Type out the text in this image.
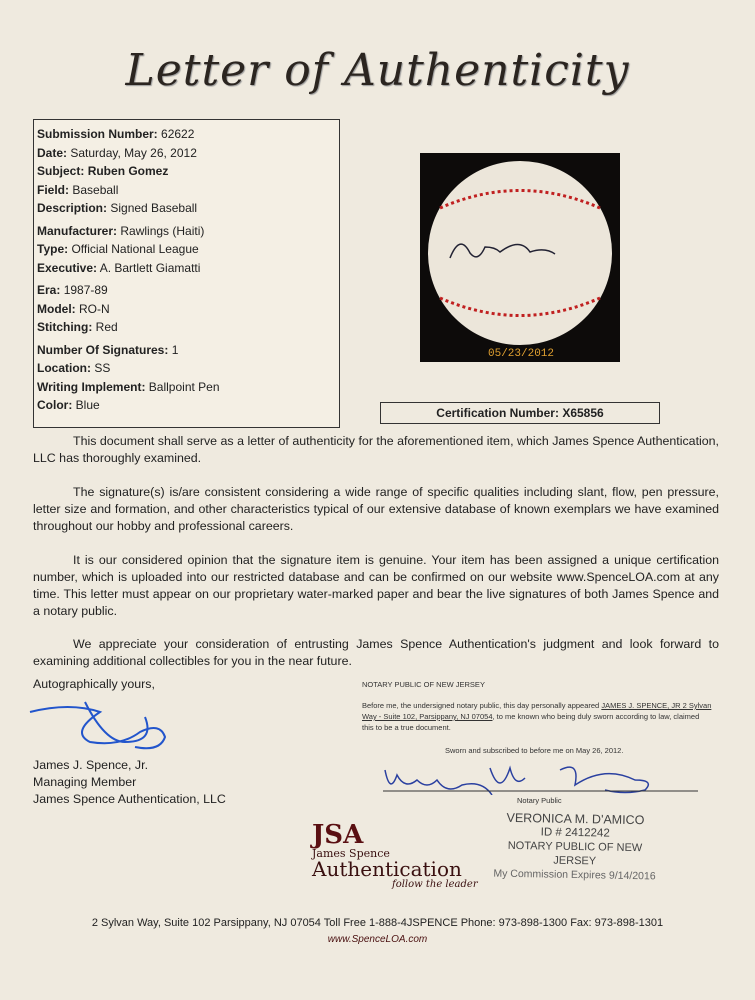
Letter of Authenticity
Submission Number: 62622
Date: Saturday, May 26, 2012
Subject: Ruben Gomez
Field: Baseball
Description: Signed Baseball
Manufacturer: Rawlings (Haiti)
Type: Official National League
Executive: A. Bartlett Giamatti
Era: 1987-89
Model: RO-N
Stitching: Red
Number Of Signatures: 1
Location: SS
Writing Implement: Ballpoint Pen
Color: Blue
05/23/2012
Certification Number: X65856

This document shall serve as a letter of authenticity for the aforementioned item, which James Spence Authentication, LLC has thoroughly examined.

The signature(s) is/are consistent considering a wide range of specific qualities including slant, flow, pen pressure, letter size and formation, and other characteristics typical of our extensive database of known exemplars we have examined throughout our hobby and professional careers.

It is our considered opinion that the signature item is genuine. Your item has been assigned a unique certification number, which is uploaded into our restricted database and can be confirmed on our website www.SpenceLOA.com at any time. This letter must appear on our proprietary water-marked paper and bear the live signatures of both James Spence and a notary public.

We appreciate your consideration of entrusting James Spence Authentication's judgment and look forward to examining additional collectibles for you in the near future.

Autographically yours,
James J. Spence, Jr.
Managing Member
James Spence Authentication, LLC
NOTARY PUBLIC OF NEW JERSEY
Before me, the undersigned notary public, this day personally appeared JAMES J. SPENCE, JR 2 Sylvan Way - Suite 102, Parsippany, NJ 07054, to me known who being duly sworn according to law, claimed this to be a true document.
Sworn and subscribed to before me on May 26, 2012.
Notary Public
VERONICA M. D'AMICO
ID # 2412242
NOTARY PUBLIC OF NEW JERSEY
My Commission Expires 9/14/2016
JSA
James Spence
Authentication
follow the leader
2 Sylvan Way, Suite 102 Parsippany, NJ 07054 Toll Free 1-888-4JSPENCE Phone: 973-898-1300 Fax: 973-898-1301
www.SpenceLOA.com
